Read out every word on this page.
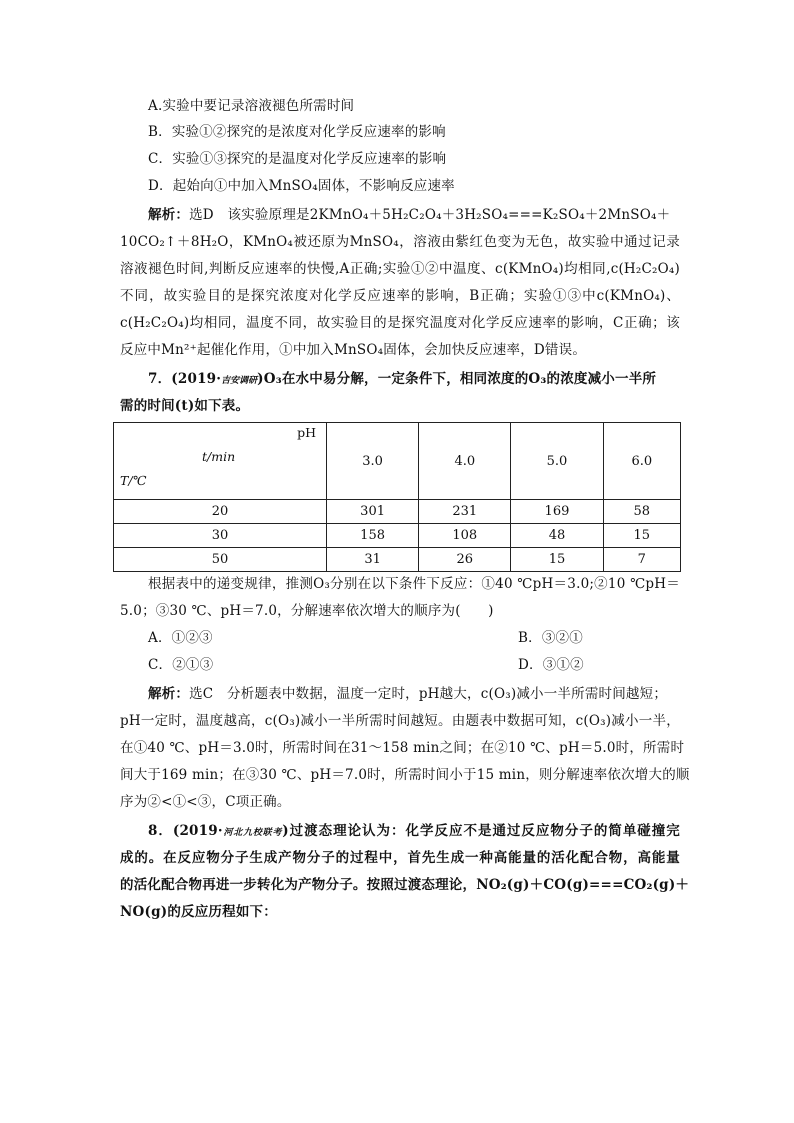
A.实验中要记录溶液褪色所需时间
B．实验①②探究的是浓度对化学反应速率的影响
C．实验①③探究的是温度对化学反应速率的影响
D．起始向①中加入MnSO₄固体，不影响反应速率
解析：选D　该实验原理是2KMnO₄＋5H₂C₂O₄＋3H₂SO₄===K₂SO₄＋2MnSO₄＋
10CO₂↑＋8H₂O，KMnO₄被还原为MnSO₄，溶液由紫红色变为无色，故实验中通过记录
溶液褪色时间,判断反应速率的快慢,A正确;实验①②中温度、c(KMnO₄)均相同,c(H₂C₂O₄)
不同，故实验目的是探究浓度对化学反应速率的影响，B正确；实验①③中c(KMnO₄)、
c(H₂C₂O₄)均相同，温度不同，故实验目的是探究温度对化学反应速率的影响，C正确；该
反应中Mn²⁺起催化作用，①中加入MnSO₄固体，会加快反应速率，D错误。
7．(2019·吉安调研)O₃在水中易分解，一定条件下，相同浓度的O₃的浓度减小一半所
需的时间(t)如下表。
pH
t/min
T/℃	3.0	4.0	5.0	6.0
20	301	231	169	58
30	158	108	48	15
50	31	26	15	7
根据表中的递变规律，推测O₃分别在以下条件下反应：①40 ℃pH＝3.0;②10 ℃pH＝
5.0；③30 ℃、pH＝7.0，分解速率依次增大的顺序为(　　)
A．①②③	B．③②①
C．②①③	D．③①②
解析：选C　分析题表中数据，温度一定时，pH越大，c(O₃)减小一半所需时间越短；
pH一定时，温度越高，c(O₃)减小一半所需时间越短。由题表中数据可知，c(O₃)减小一半，
在①40 ℃、pH＝3.0时，所需时间在31～158 min之间；在②10 ℃、pH＝5.0时，所需时
间大于169 min；在③30 ℃、pH＝7.0时，所需时间小于15 min，则分解速率依次增大的顺
序为②<①<③，C项正确。
8．(2019·河北九校联考)过渡态理论认为：化学反应不是通过反应物分子的简单碰撞完
成的。在反应物分子生成产物分子的过程中，首先生成一种高能量的活化配合物，高能量
的活化配合物再进一步转化为产物分子。按照过渡态理论，NO₂(g)＋CO(g)===CO₂(g)＋
NO(g)的反应历程如下：
